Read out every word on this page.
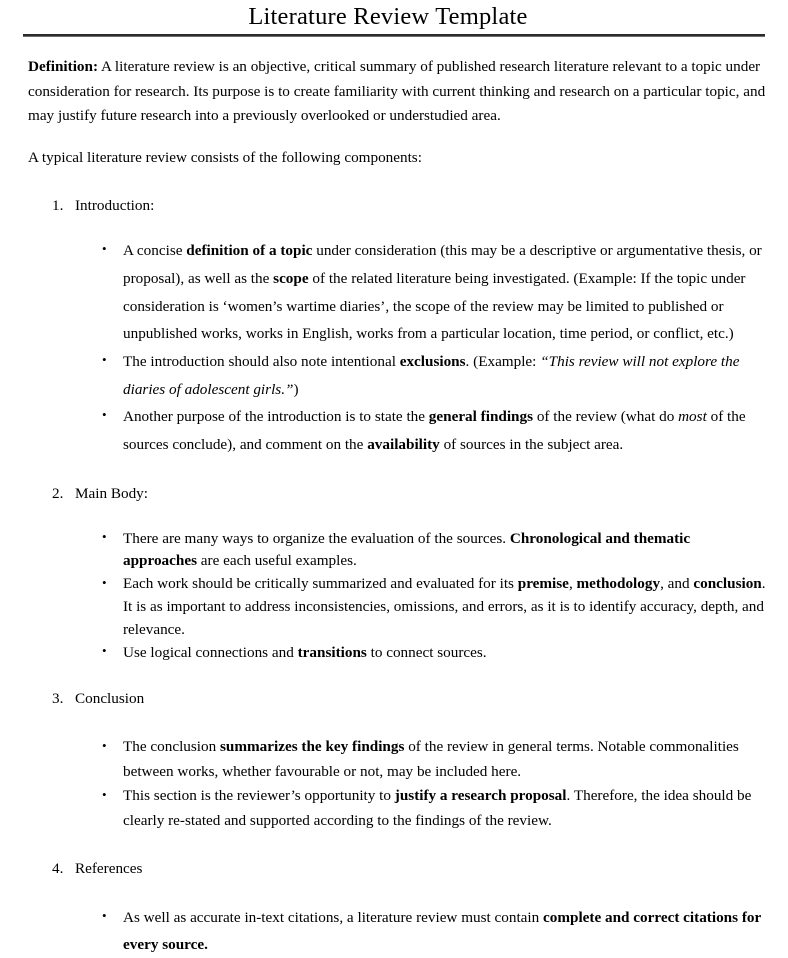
Literature Review Template

Definition: A literature review is an objective, critical summary of published research literature relevant to a topic under consideration for research. Its purpose is to create familiarity with current thinking and research on a particular topic, and may justify future research into a previously overlooked or understudied area.

A typical literature review consists of the following components:

1. Introduction:
• A concise definition of a topic under consideration (this may be a descriptive or argumentative thesis, or proposal), as well as the scope of the related literature being investigated. (Example: If the topic under consideration is ‘women’s wartime diaries’, the scope of the review may be limited to published or unpublished works, works in English, works from a particular location, time period, or conflict, etc.)
• The introduction should also note intentional exclusions. (Example: “This review will not explore the diaries of adolescent girls.”)
• Another purpose of the introduction is to state the general findings of the review (what do most of the sources conclude), and comment on the availability of sources in the subject area.
2. Main Body:
• There are many ways to organize the evaluation of the sources. Chronological and thematic approaches are each useful examples.
• Each work should be critically summarized and evaluated for its premise, methodology, and conclusion. It is as important to address inconsistencies, omissions, and errors, as it is to identify accuracy, depth, and relevance.
• Use logical connections and transitions to connect sources.
3. Conclusion
• The conclusion summarizes the key findings of the review in general terms. Notable commonalities between works, whether favourable or not, may be included here.
• This section is the reviewer’s opportunity to justify a research proposal. Therefore, the idea should be clearly re-stated and supported according to the findings of the review.
4. References
• As well as accurate in-text citations, a literature review must contain complete and correct citations for every source.
